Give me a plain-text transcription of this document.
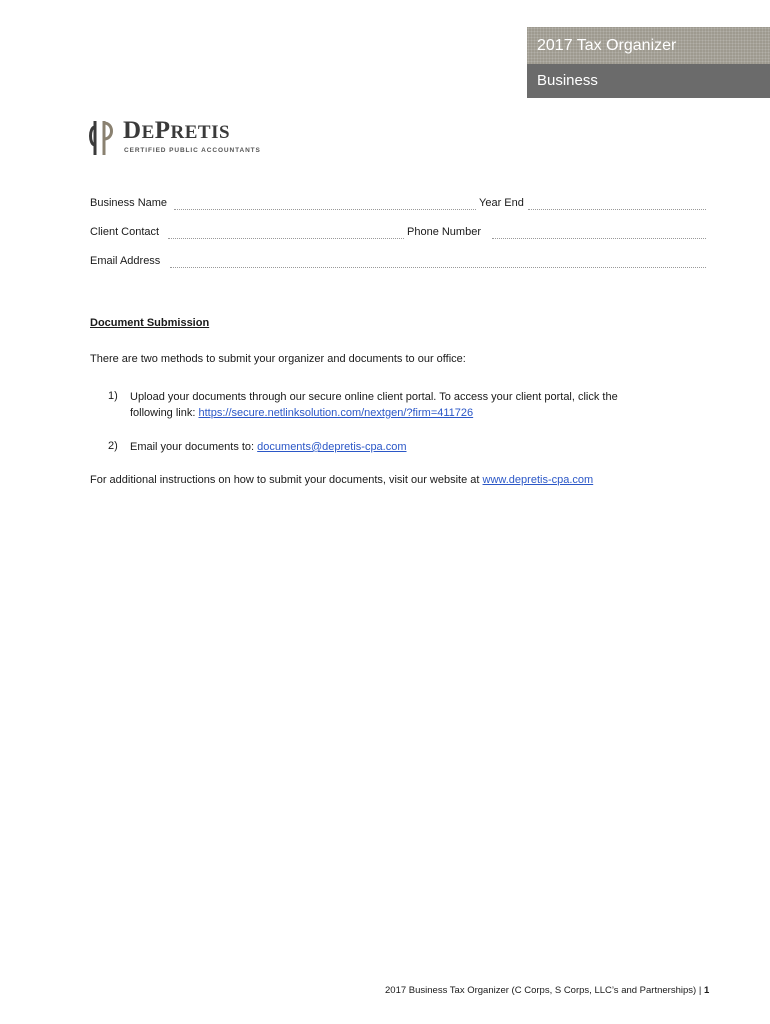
2017 Tax Organizer
Business
DEPRETIS
CERTIFIED PUBLIC ACCOUNTANTS
Business Name	Year End
Client Contact	Phone Number
Email Address
Document Submission
There are two methods to submit your organizer and documents to our office:
1) Upload your documents through our secure online client portal. To access your client portal, click the
following link: https://secure.netlinksolution.com/nextgen/?firm=411726
2) Email your documents to: documents@depretis-cpa.com
For additional instructions on how to submit your documents, visit our website at www.depretis-cpa.com
2017 Business Tax Organizer (C Corps, S Corps, LLC’s and Partnerships) | 1
